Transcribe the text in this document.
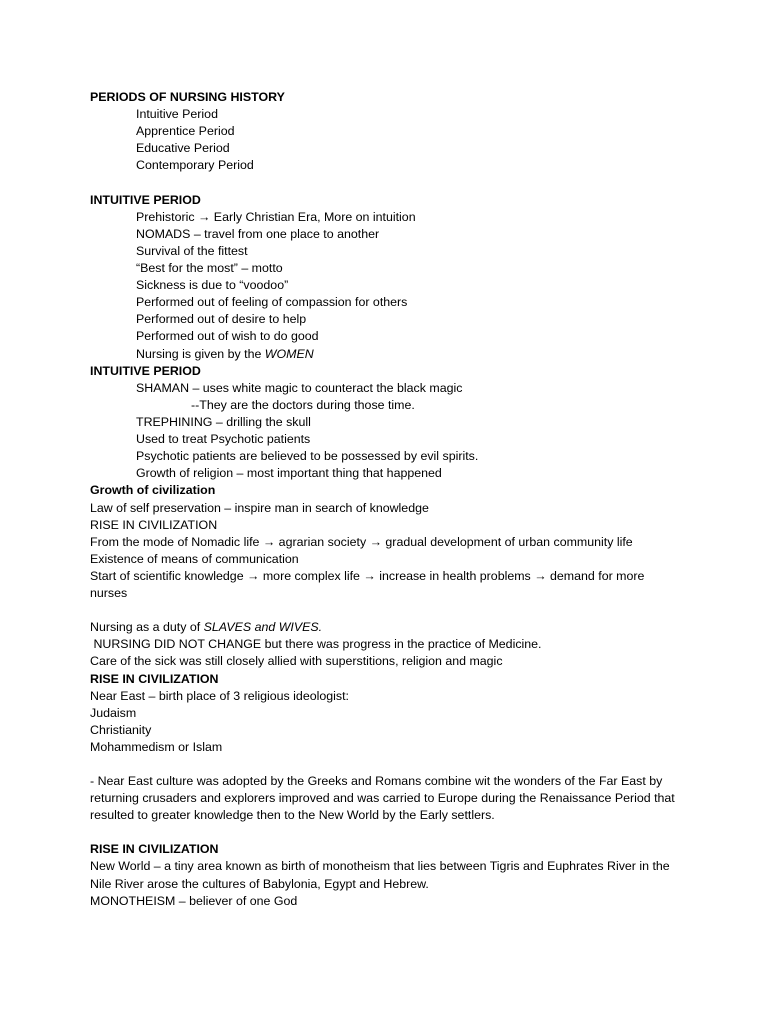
PERIODS OF NURSING HISTORY

Intuitive Period

Apprentice Period

Educative Period

Contemporary Period

INTUITIVE PERIOD

Prehistoric → Early Christian Era, More on intuition

NOMADS – travel from one place to another

Survival of the fittest

“Best for the most” – motto

Sickness is due to “voodoo”

Performed out of feeling of compassion for others

Performed out of desire to help

Performed out of wish to do good

Nursing is given by the WOMEN

INTUITIVE PERIOD

SHAMAN – uses white magic to counteract the black magic

--They are the doctors during those time.

TREPHINING – drilling the skull

Used to treat Psychotic patients

Psychotic patients are believed to be possessed by evil spirits.

Growth of religion – most important thing that happened

Growth of civilization

Law of self preservation – inspire man in search of knowledge

RISE IN CIVILIZATION

From the mode of Nomadic life → agrarian society → gradual development of urban community life

Existence of means of communication

Start of scientific knowledge → more complex life → increase in health problems → demand for more nurses

Nursing as a duty of SLAVES and WIVES.

NURSING DID NOT CHANGE but there was progress in the practice of Medicine.

Care of the sick was still closely allied with superstitions, religion and magic

RISE IN CIVILIZATION

Near East – birth place of 3 religious ideologist:

Judaism

Christianity

Mohammedism or Islam

- Near East culture was adopted by the Greeks and Romans combine wit the wonders of the Far East by returning crusaders and explorers improved and was carried to Europe during the Renaissance Period that resulted to greater knowledge then to the New World by the Early settlers.

RISE IN CIVILIZATION

New World – a tiny area known as birth of monotheism that lies between Tigris and Euphrates River in the Nile River arose the cultures of Babylonia, Egypt and Hebrew.

MONOTHEISM – believer of one God
